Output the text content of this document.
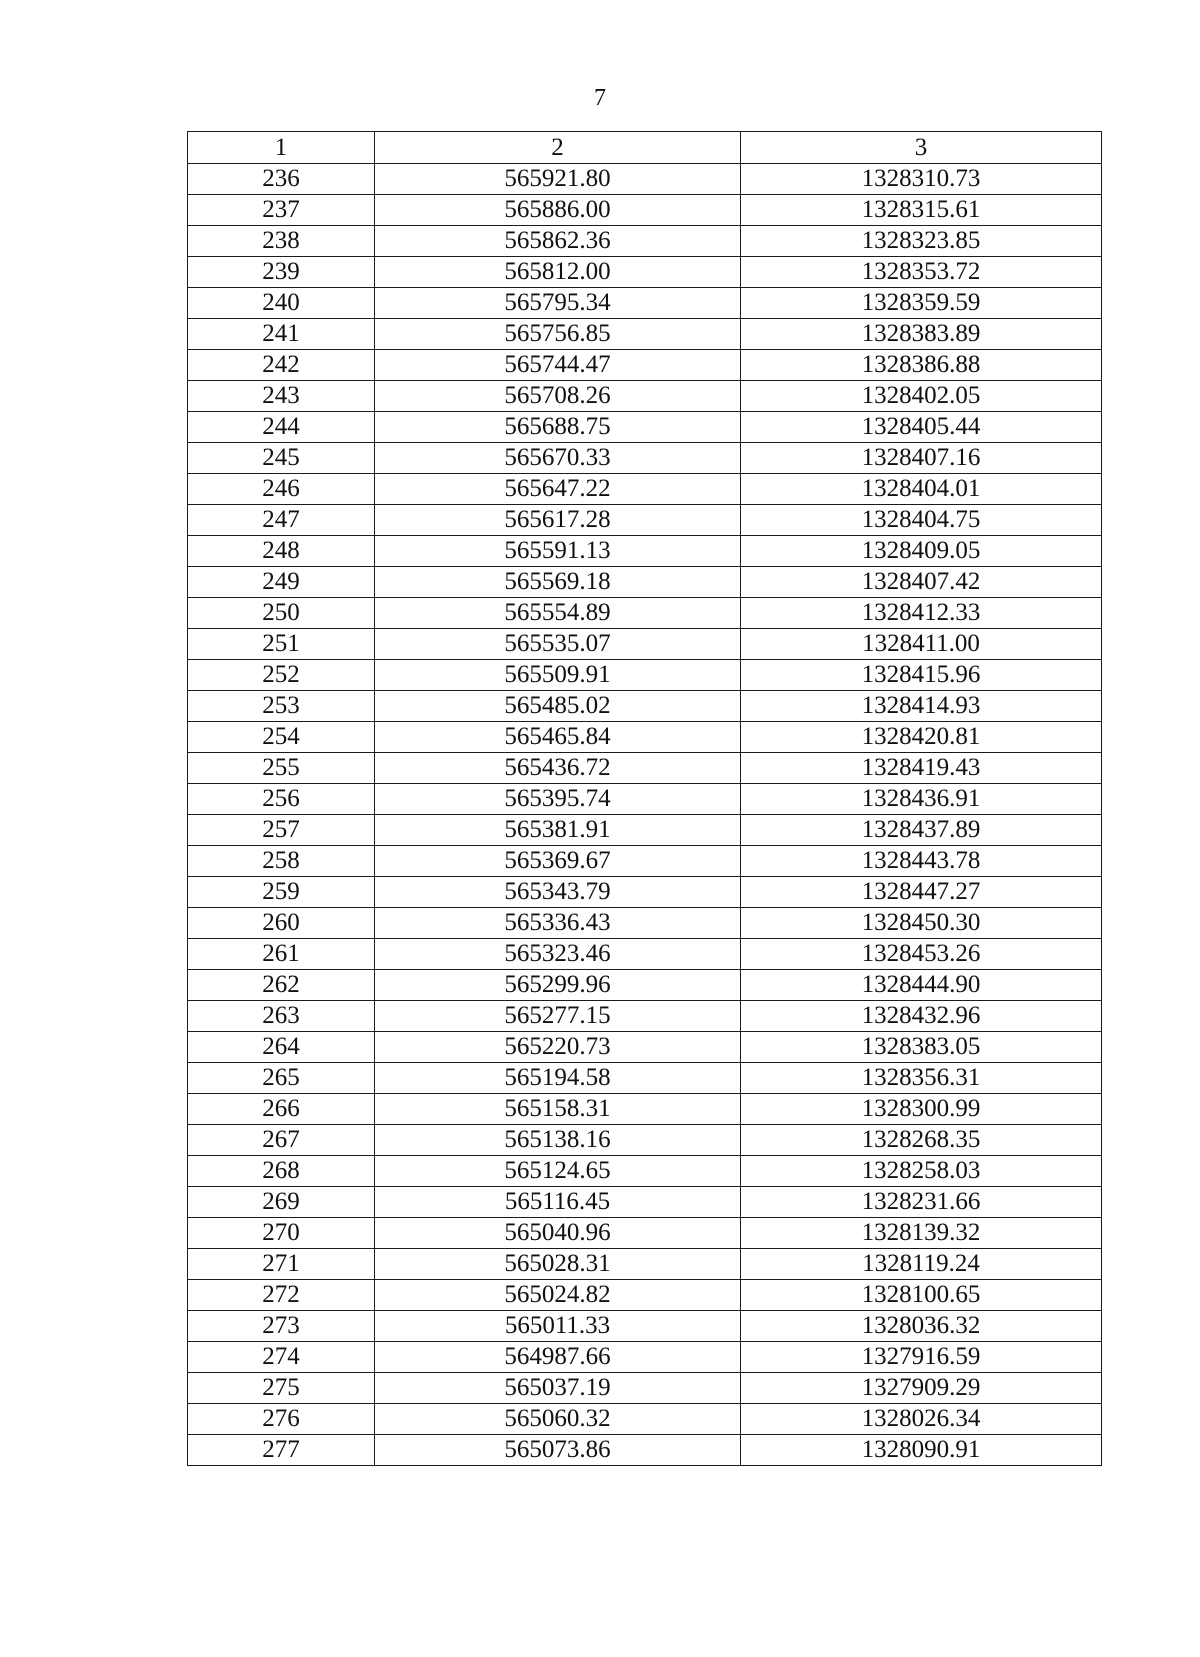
7
1	2	3
236	565921.80	1328310.73
237	565886.00	1328315.61
238	565862.36	1328323.85
239	565812.00	1328353.72
240	565795.34	1328359.59
241	565756.85	1328383.89
242	565744.47	1328386.88
243	565708.26	1328402.05
244	565688.75	1328405.44
245	565670.33	1328407.16
246	565647.22	1328404.01
247	565617.28	1328404.75
248	565591.13	1328409.05
249	565569.18	1328407.42
250	565554.89	1328412.33
251	565535.07	1328411.00
252	565509.91	1328415.96
253	565485.02	1328414.93
254	565465.84	1328420.81
255	565436.72	1328419.43
256	565395.74	1328436.91
257	565381.91	1328437.89
258	565369.67	1328443.78
259	565343.79	1328447.27
260	565336.43	1328450.30
261	565323.46	1328453.26
262	565299.96	1328444.90
263	565277.15	1328432.96
264	565220.73	1328383.05
265	565194.58	1328356.31
266	565158.31	1328300.99
267	565138.16	1328268.35
268	565124.65	1328258.03
269	565116.45	1328231.66
270	565040.96	1328139.32
271	565028.31	1328119.24
272	565024.82	1328100.65
273	565011.33	1328036.32
274	564987.66	1327916.59
275	565037.19	1327909.29
276	565060.32	1328026.34
277	565073.86	1328090.91
